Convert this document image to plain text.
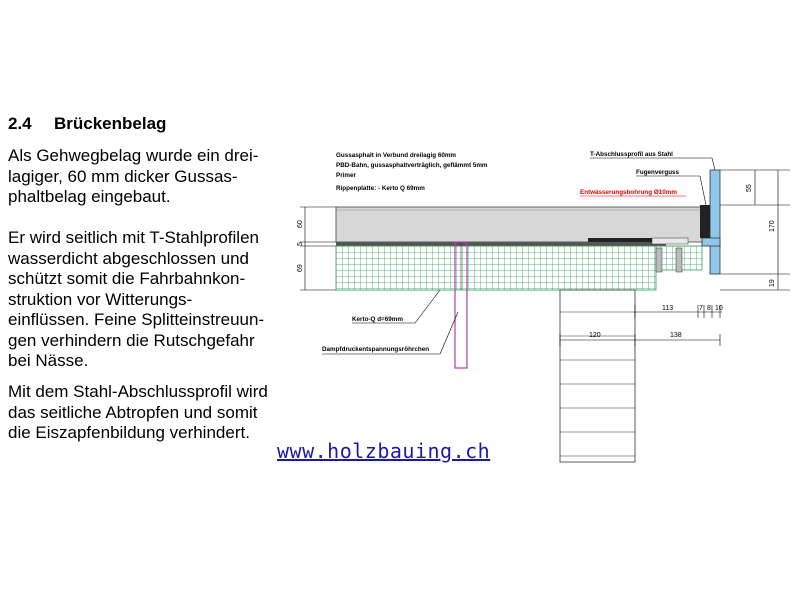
2.4 Brückenbelag
Als Gehwegbelag wurde ein drei-
lagiger, 60 mm dicker Gussas-
phaltbelag eingebaut.
Er wird seitlich mit T-Stahlprofilen
wasserdicht abgeschlossen und
schützt somit die Fahrbahnkon-
struktion vor Witterungs-
einflüssen. Feine Splitteinstreuun-
gen verhindern die Rutschgefahr
bei Nässe.
Mit dem Stahl-Abschlussprofil wird
das seitliche Abtropfen und somit
die Eiszapfenbildung verhindert.
www.holzbauing.ch
Gussasphalt in Verbund dreilagig 60mm
PBD-Bahn, gussasphaltverträglich, geflämmt 5mm
Primer
Rippenplatte: - Kerto Q 69mm
T-Abschlussprofil aus Stahl
Fugenverguss
Entwässerungsbohrung Ø10mm
Kerto-Q d=69mm
Dampfdruckentspannungsröhrchen
60
5
69
55
170
19
113	7 8 10
120	138
